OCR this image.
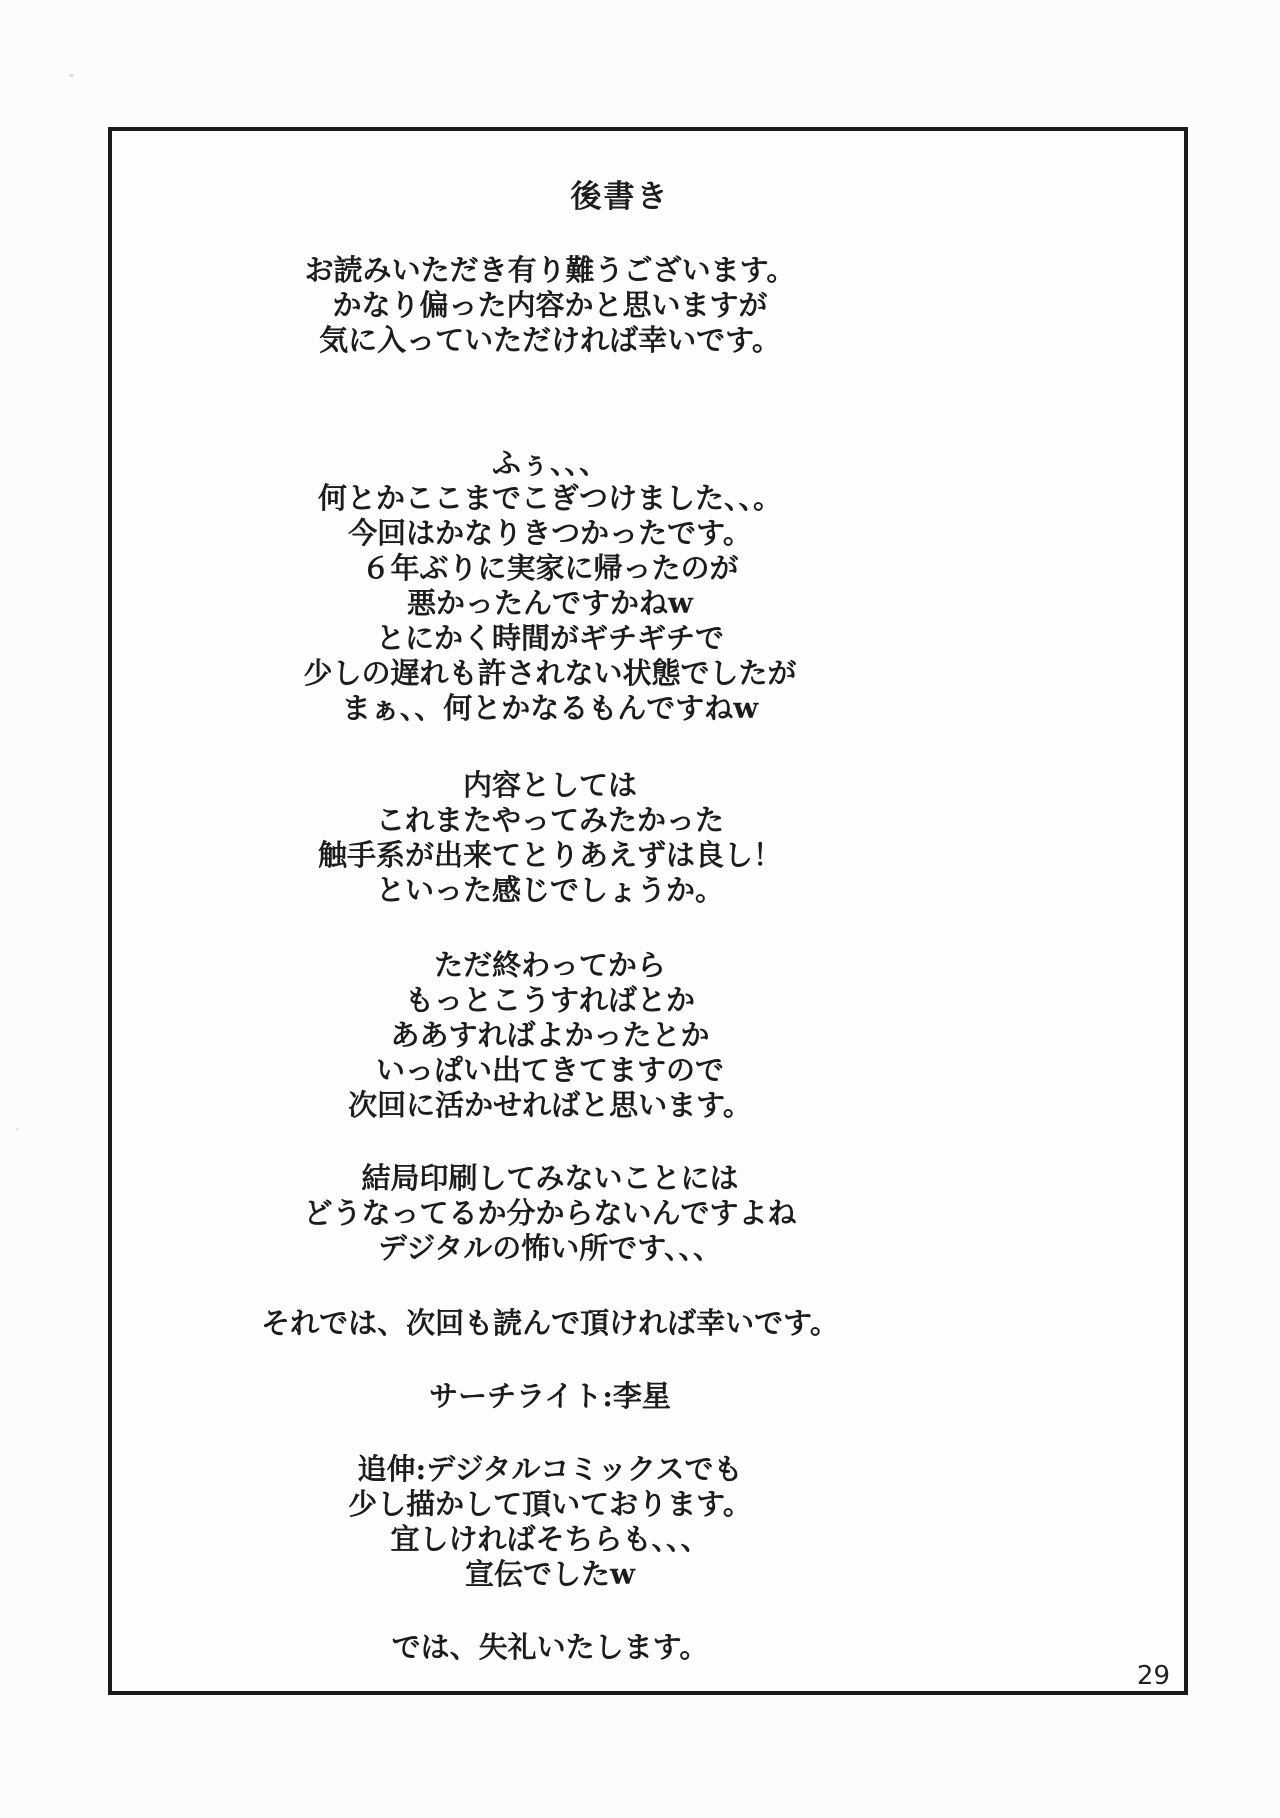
後書き
お読みいただき有り難うございます。
かなり偏った内容かと思いますが
気に入っていただければ幸いです。
ふぅ、、、
何とかここまでこぎつけました、、。
今回はかなりきつかったです。
６年ぶりに実家に帰ったのが
悪かったんですかねw
とにかく時間がギチギチで
少しの遅れも許されない状態でしたが
まぁ、、何とかなるもんですねw
内容としては
これまたやってみたかった
触手系が出来てとりあえずは良し！
といった感じでしょうか。
ただ終わってから
もっとこうすればとか
ああすればよかったとか
いっぱい出てきてますので
次回に活かせればと思います。
結局印刷してみないことには
どうなってるか分からないんですよね
デジタルの怖い所です、、、
それでは、次回も読んで頂ければ幸いです。
サーチライト:李星
追伸:デジタルコミックスでも
少し描かして頂いております。
宜しければそちらも、、、
宣伝でしたw
では、失礼いたします。
29
